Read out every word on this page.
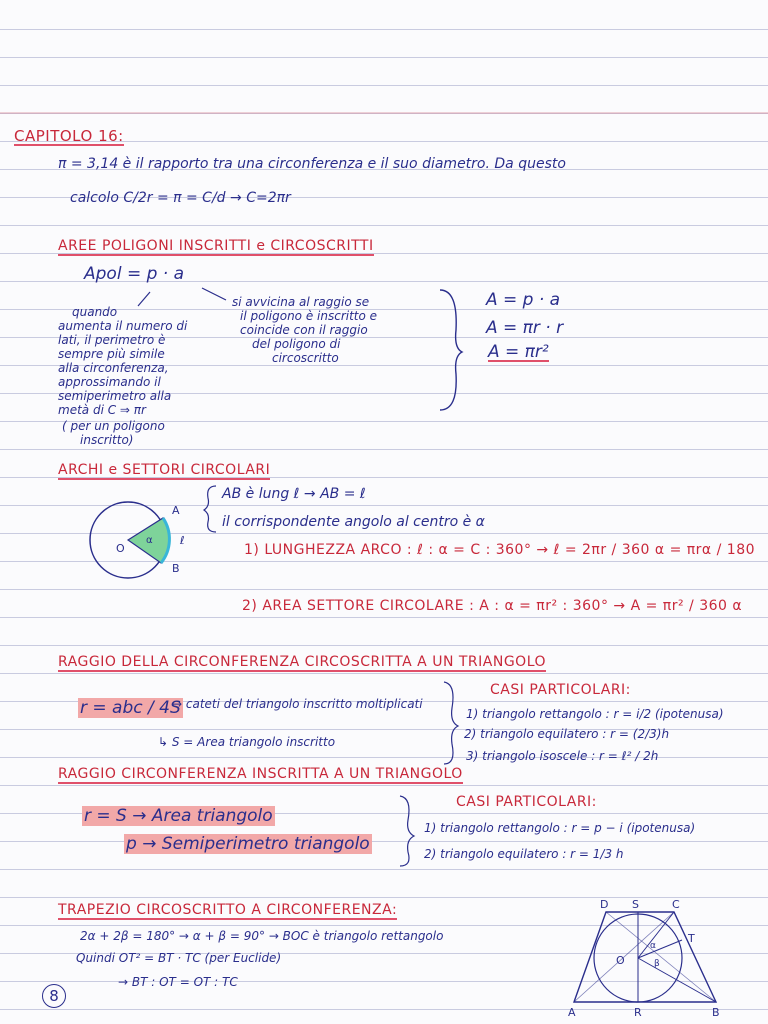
CAPITOLO 16:
π = 3,14 è il rapporto tra una circonferenza e il suo diametro. Da questo
calcolo C/2r = π = C/d → C=2πr
AREE POLIGONI INSCRITTI e CIRCOSCRITTI
Apol = p · a
quando
aumenta il numero di
lati, il perimetro è
sempre più simile
alla circonferenza,
approssimando il
semiperimetro alla
metà di C ⇒ πr
( per un poligono
inscritto)
si avvicina al raggio se
il poligono è inscritto e
coincide con il raggio
del poligono di
circoscritto
A = p · a
A = πr · r
A = πr²
ARCHI e SETTORI CIRCOLARI
AB è lung ℓ → AB = ℓ
il corrispondente angolo al centro è α
1) LUNGHEZZA ARCO : ℓ : α = C : 360° → ℓ = 2πr / 360 α = πrα / 180
2) AREA SETTORE CIRCOLARE : A : α = πr² : 360° → A = πr² / 360 α
RAGGIO DELLA CIRCONFERENZA CIRCOSCRITTA A UN TRIANGOLO
r = abc / 4S
→ cateti del triangolo inscritto moltiplicati
↳ S = Area triangolo inscritto
CASI PARTICOLARI:
1) triangolo rettangolo : r = i/2 (ipotenusa)
2) triangolo equilatero : r = (2/3)h
3) triangolo isoscele : r = ℓ² / 2h
RAGGIO CIRCONFERENZA INSCRITTA A UN TRIANGOLO
r = S → Area triangolo
p → Semiperimetro triangolo
CASI PARTICOLARI:
1) triangolo rettangolo : r = p − i (ipotenusa)
2) triangolo equilatero : r = 1/3 h
TRAPEZIO CIRCOSCRITTO A CIRCONFERENZA:
2α + 2β = 180° → α + β = 90° → BOC è triangolo rettangolo
Quindi OT² = BT · TC (per Euclide)
→ BT : OT = OT : TC
8
A
B
O
α ℓ
D S	C
T
O
A	R	B
α
β
